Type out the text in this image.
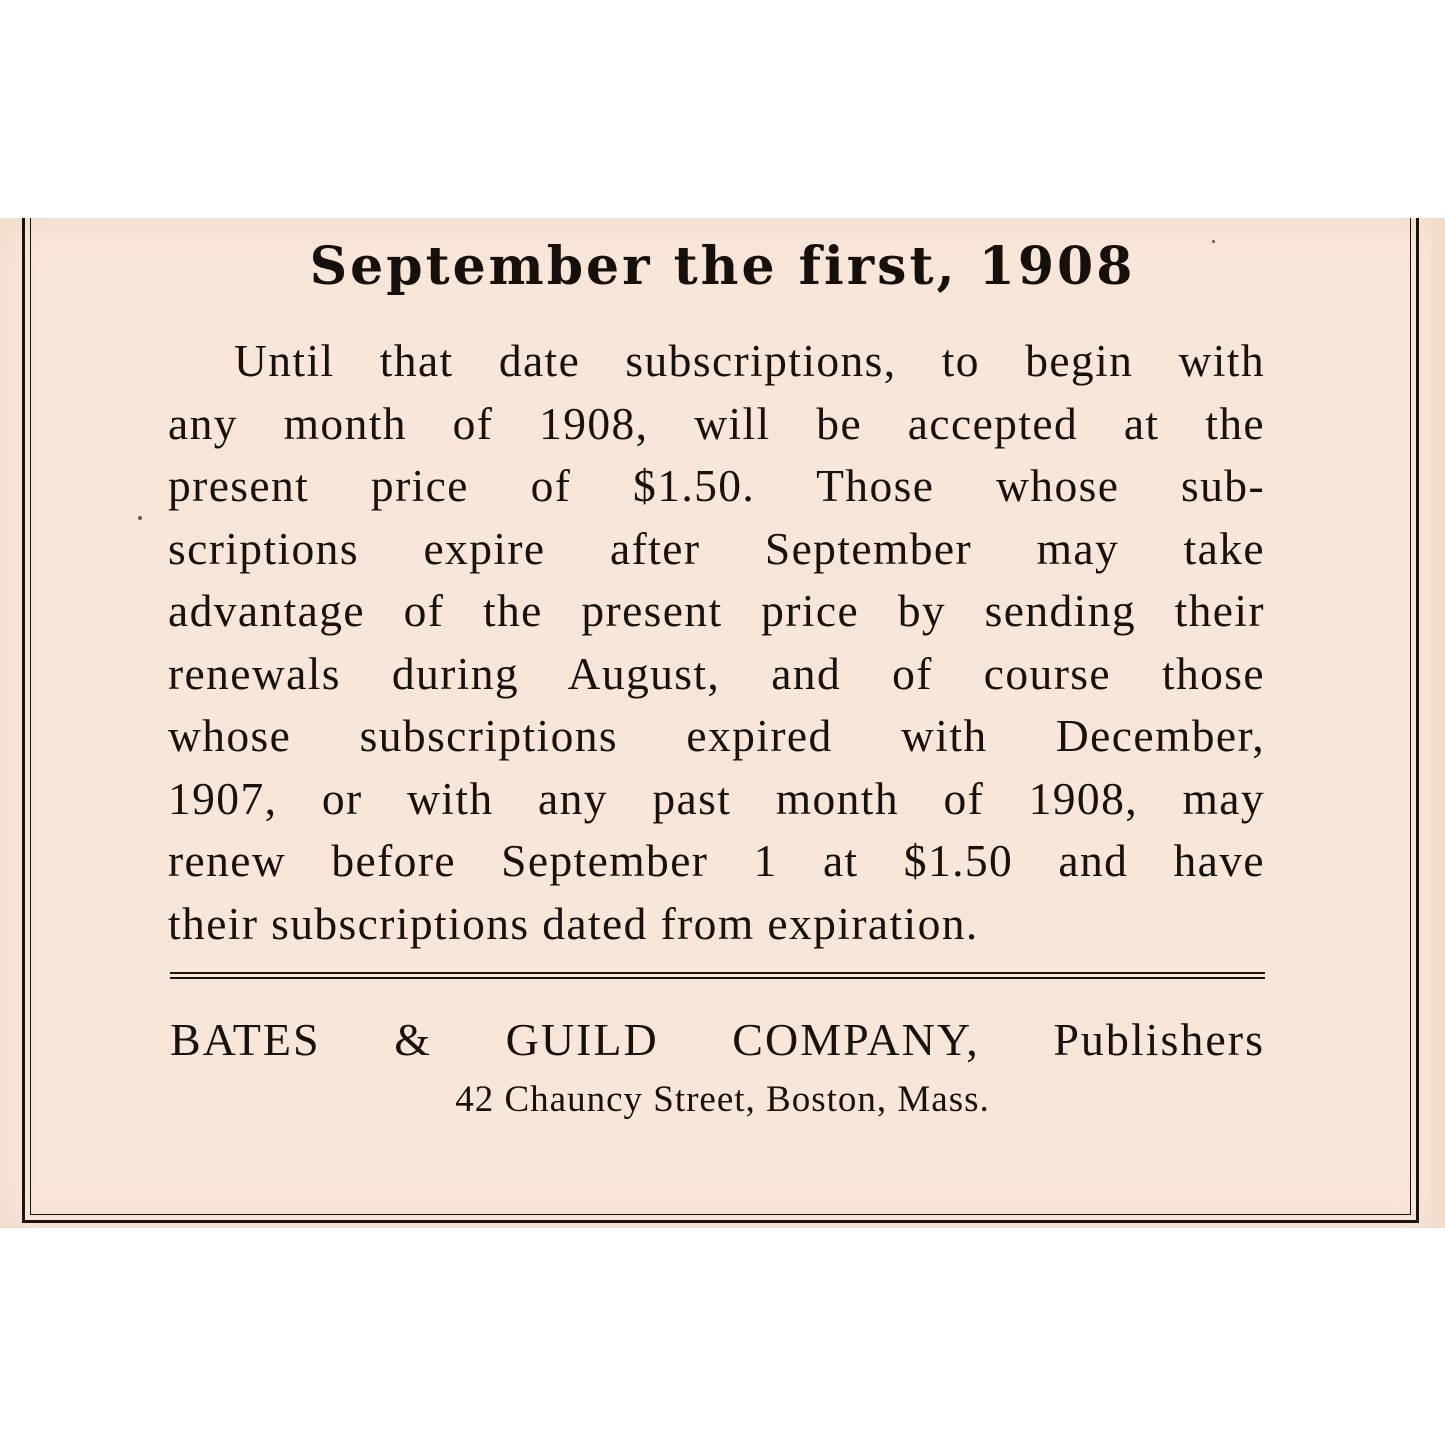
September the first, 1908
Until that date subscriptions, to begin with
any month of 1908, will be accepted at the
present price of $1.50. Those whose sub-
scriptions expire after September may take
advantage of the present price by sending their
renewals during August, and of course those
whose subscriptions expired with December,
1907, or with any past month of 1908, may
renew before September 1 at $1.50 and have
their subscriptions dated from expiration.
BATES & GUILD COMPANY, Publishers
42 Chauncy Street, Boston, Mass.
